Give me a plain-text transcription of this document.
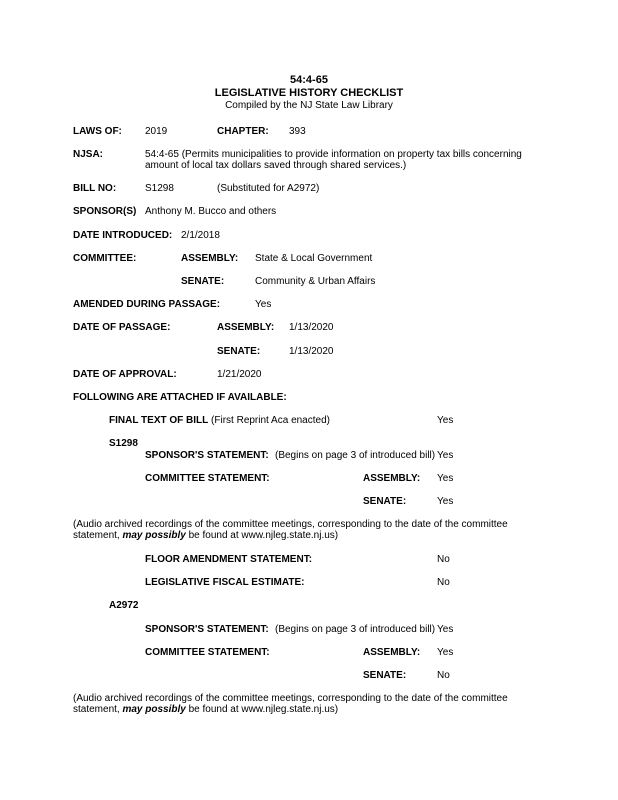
54:4-65
LEGISLATIVE HISTORY CHECKLIST
Compiled by the NJ State Law Library
LAWS OF: 2019	CHAPTER: 393
NJSA:	54:4-65 (Permits municipalities to provide information on property tax bills concerning
amount of local tax dollars saved through shared services.)
BILL NO:	S1298	(Substituted for A2972)
SPONSOR(S) Anthony M. Bucco and others
DATE INTRODUCED: 2/1/2018
COMMITTEE:	ASSEMBLY: State & Local Government
SENATE:	Community & Urban Affairs
AMENDED DURING PASSAGE:	Yes
DATE OF PASSAGE:	ASSEMBLY: 1/13/2020
SENATE:	1/13/2020
DATE OF APPROVAL:	1/21/2020
FOLLOWING ARE ATTACHED IF AVAILABLE:
FINAL TEXT OF BILL (First Reprint Aca enacted)	Yes
S1298
SPONSOR'S STATEMENT: (Begins on page 3 of introduced bill) Yes
COMMITTEE STATEMENT:	ASSEMBLY: Yes
SENATE:	Yes
(Audio archived recordings of the committee meetings, corresponding to the date of the committee
statement, may possibly be found at www.njleg.state.nj.us)
FLOOR AMENDMENT STATEMENT:	No
LEGISLATIVE FISCAL ESTIMATE:	No
A2972
SPONSOR'S STATEMENT: (Begins on page 3 of introduced bill) Yes
COMMITTEE STATEMENT:	ASSEMBLY: Yes
SENATE:	No
(Audio archived recordings of the committee meetings, corresponding to the date of the committee
statement, may possibly be found at www.njleg.state.nj.us)
